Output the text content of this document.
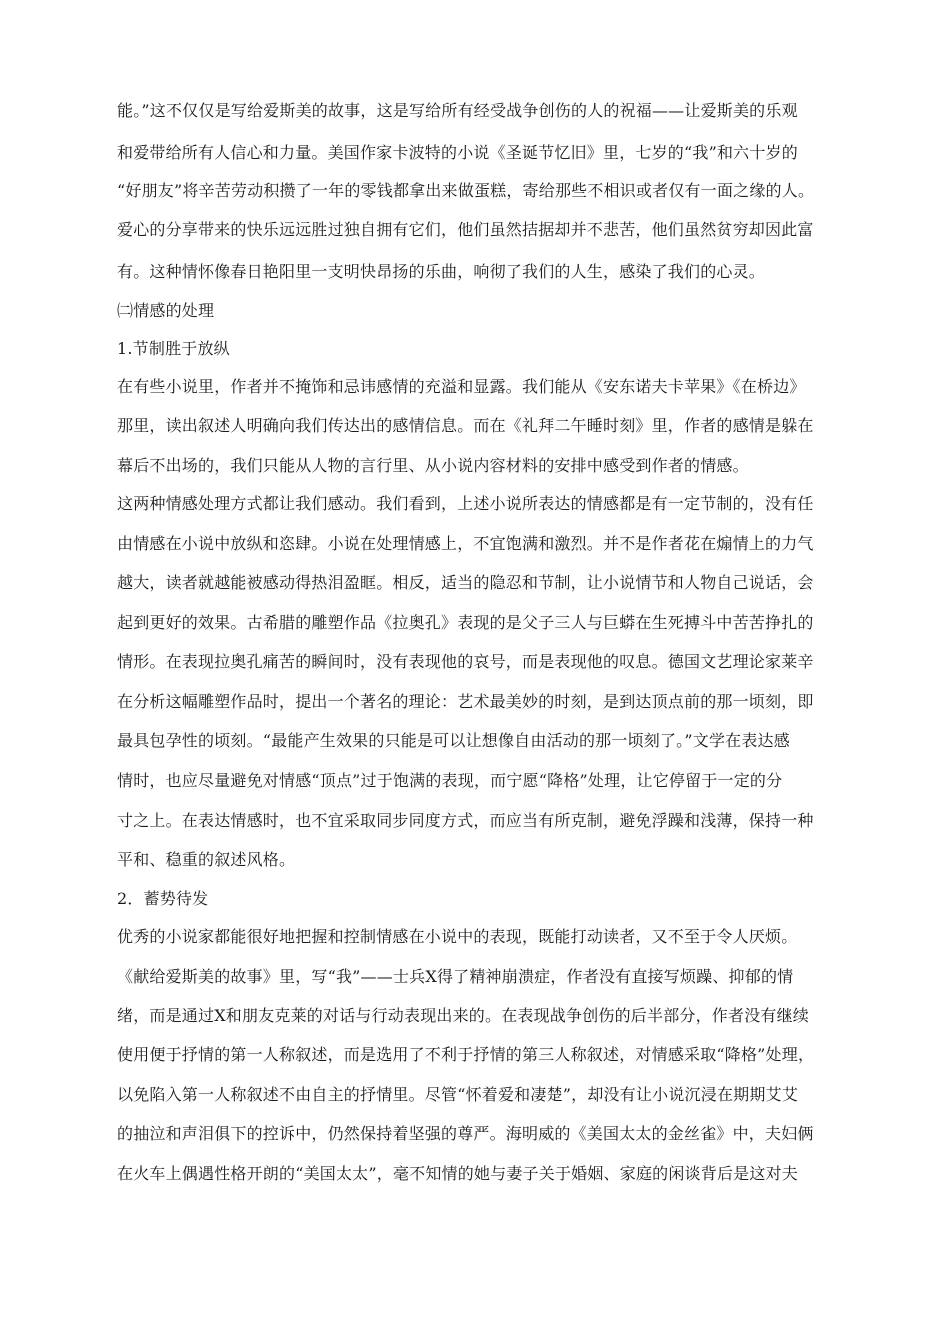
能。”这不仅仅是写给爱斯美的故事，这是写给所有经受战争创伤的人的祝福——让爱斯美的乐观
和爱带给所有人信心和力量。美国作家卡波特的小说《圣诞节忆旧》里，七岁的“我”和六十岁的
“好朋友”将辛苦劳动积攒了一年的零钱都拿出来做蛋糕，寄给那些不相识或者仅有一面之缘的人。
爱心的分享带来的快乐远远胜过独自拥有它们，他们虽然拮据却并不悲苦，他们虽然贫穷却因此富
有。这种情怀像春日艳阳里一支明快昂扬的乐曲，响彻了我们的人生，感染了我们的心灵。
㈡情感的处理
1.节制胜于放纵
在有些小说里，作者并不掩饰和忌讳感情的充溢和显露。我们能从《安东诺夫卡苹果》《在桥边》
那里，读出叙述人明确向我们传达出的感情信息。而在《礼拜二午睡时刻》里，作者的感情是躲在
幕后不出场的，我们只能从人物的言行里、从小说内容材料的安排中感受到作者的情感。
这两种情感处理方式都让我们感动。我们看到，上述小说所表达的情感都是有一定节制的，没有任
由情感在小说中放纵和恣肆。小说在处理情感上，不宜饱满和激烈。并不是作者花在煽情上的力气
越大，读者就越能被感动得热泪盈眶。相反，适当的隐忍和节制，让小说情节和人物自己说话，会
起到更好的效果。古希腊的雕塑作品《拉奥孔》表现的是父子三人与巨蟒在生死搏斗中苦苦挣扎的
情形。在表现拉奥孔痛苦的瞬间时，没有表现他的哀号，而是表现他的叹息。德国文艺理论家莱辛
在分析这幅雕塑作品时，提出一个著名的理论：艺术最美妙的时刻，是到达顶点前的那一顷刻，即
最具包孕性的顷刻。“最能产生效果的只能是可以让想像自由活动的那一顷刻了。”文学在表达感
情时，也应尽量避免对情感“顶点”过于饱满的表现，而宁愿“降格”处理，让它停留于一定的分
寸之上。在表达情感时，也不宜采取同步同度方式，而应当有所克制，避免浮躁和浅薄，保持一种
平和、稳重的叙述风格。
2．蓄势待发
优秀的小说家都能很好地把握和控制情感在小说中的表现，既能打动读者，又不至于令人厌烦。
《献给爱斯美的故事》里，写“我”——士兵X得了精神崩溃症，作者没有直接写烦躁、抑郁的情
绪，而是通过X和朋友克莱的对话与行动表现出来的。在表现战争创伤的后半部分，作者没有继续
使用便于抒情的第一人称叙述，而是选用了不利于抒情的第三人称叙述，对情感采取“降格”处理，
以免陷入第一人称叙述不由自主的抒情里。尽管“怀着爱和凄楚”，却没有让小说沉浸在期期艾艾
的抽泣和声泪俱下的控诉中，仍然保持着坚强的尊严。海明威的《美国太太的金丝雀》中，夫妇俩
在火车上偶遇性格开朗的“美国太太”，毫不知情的她与妻子关于婚姻、家庭的闲谈背后是这对夫
